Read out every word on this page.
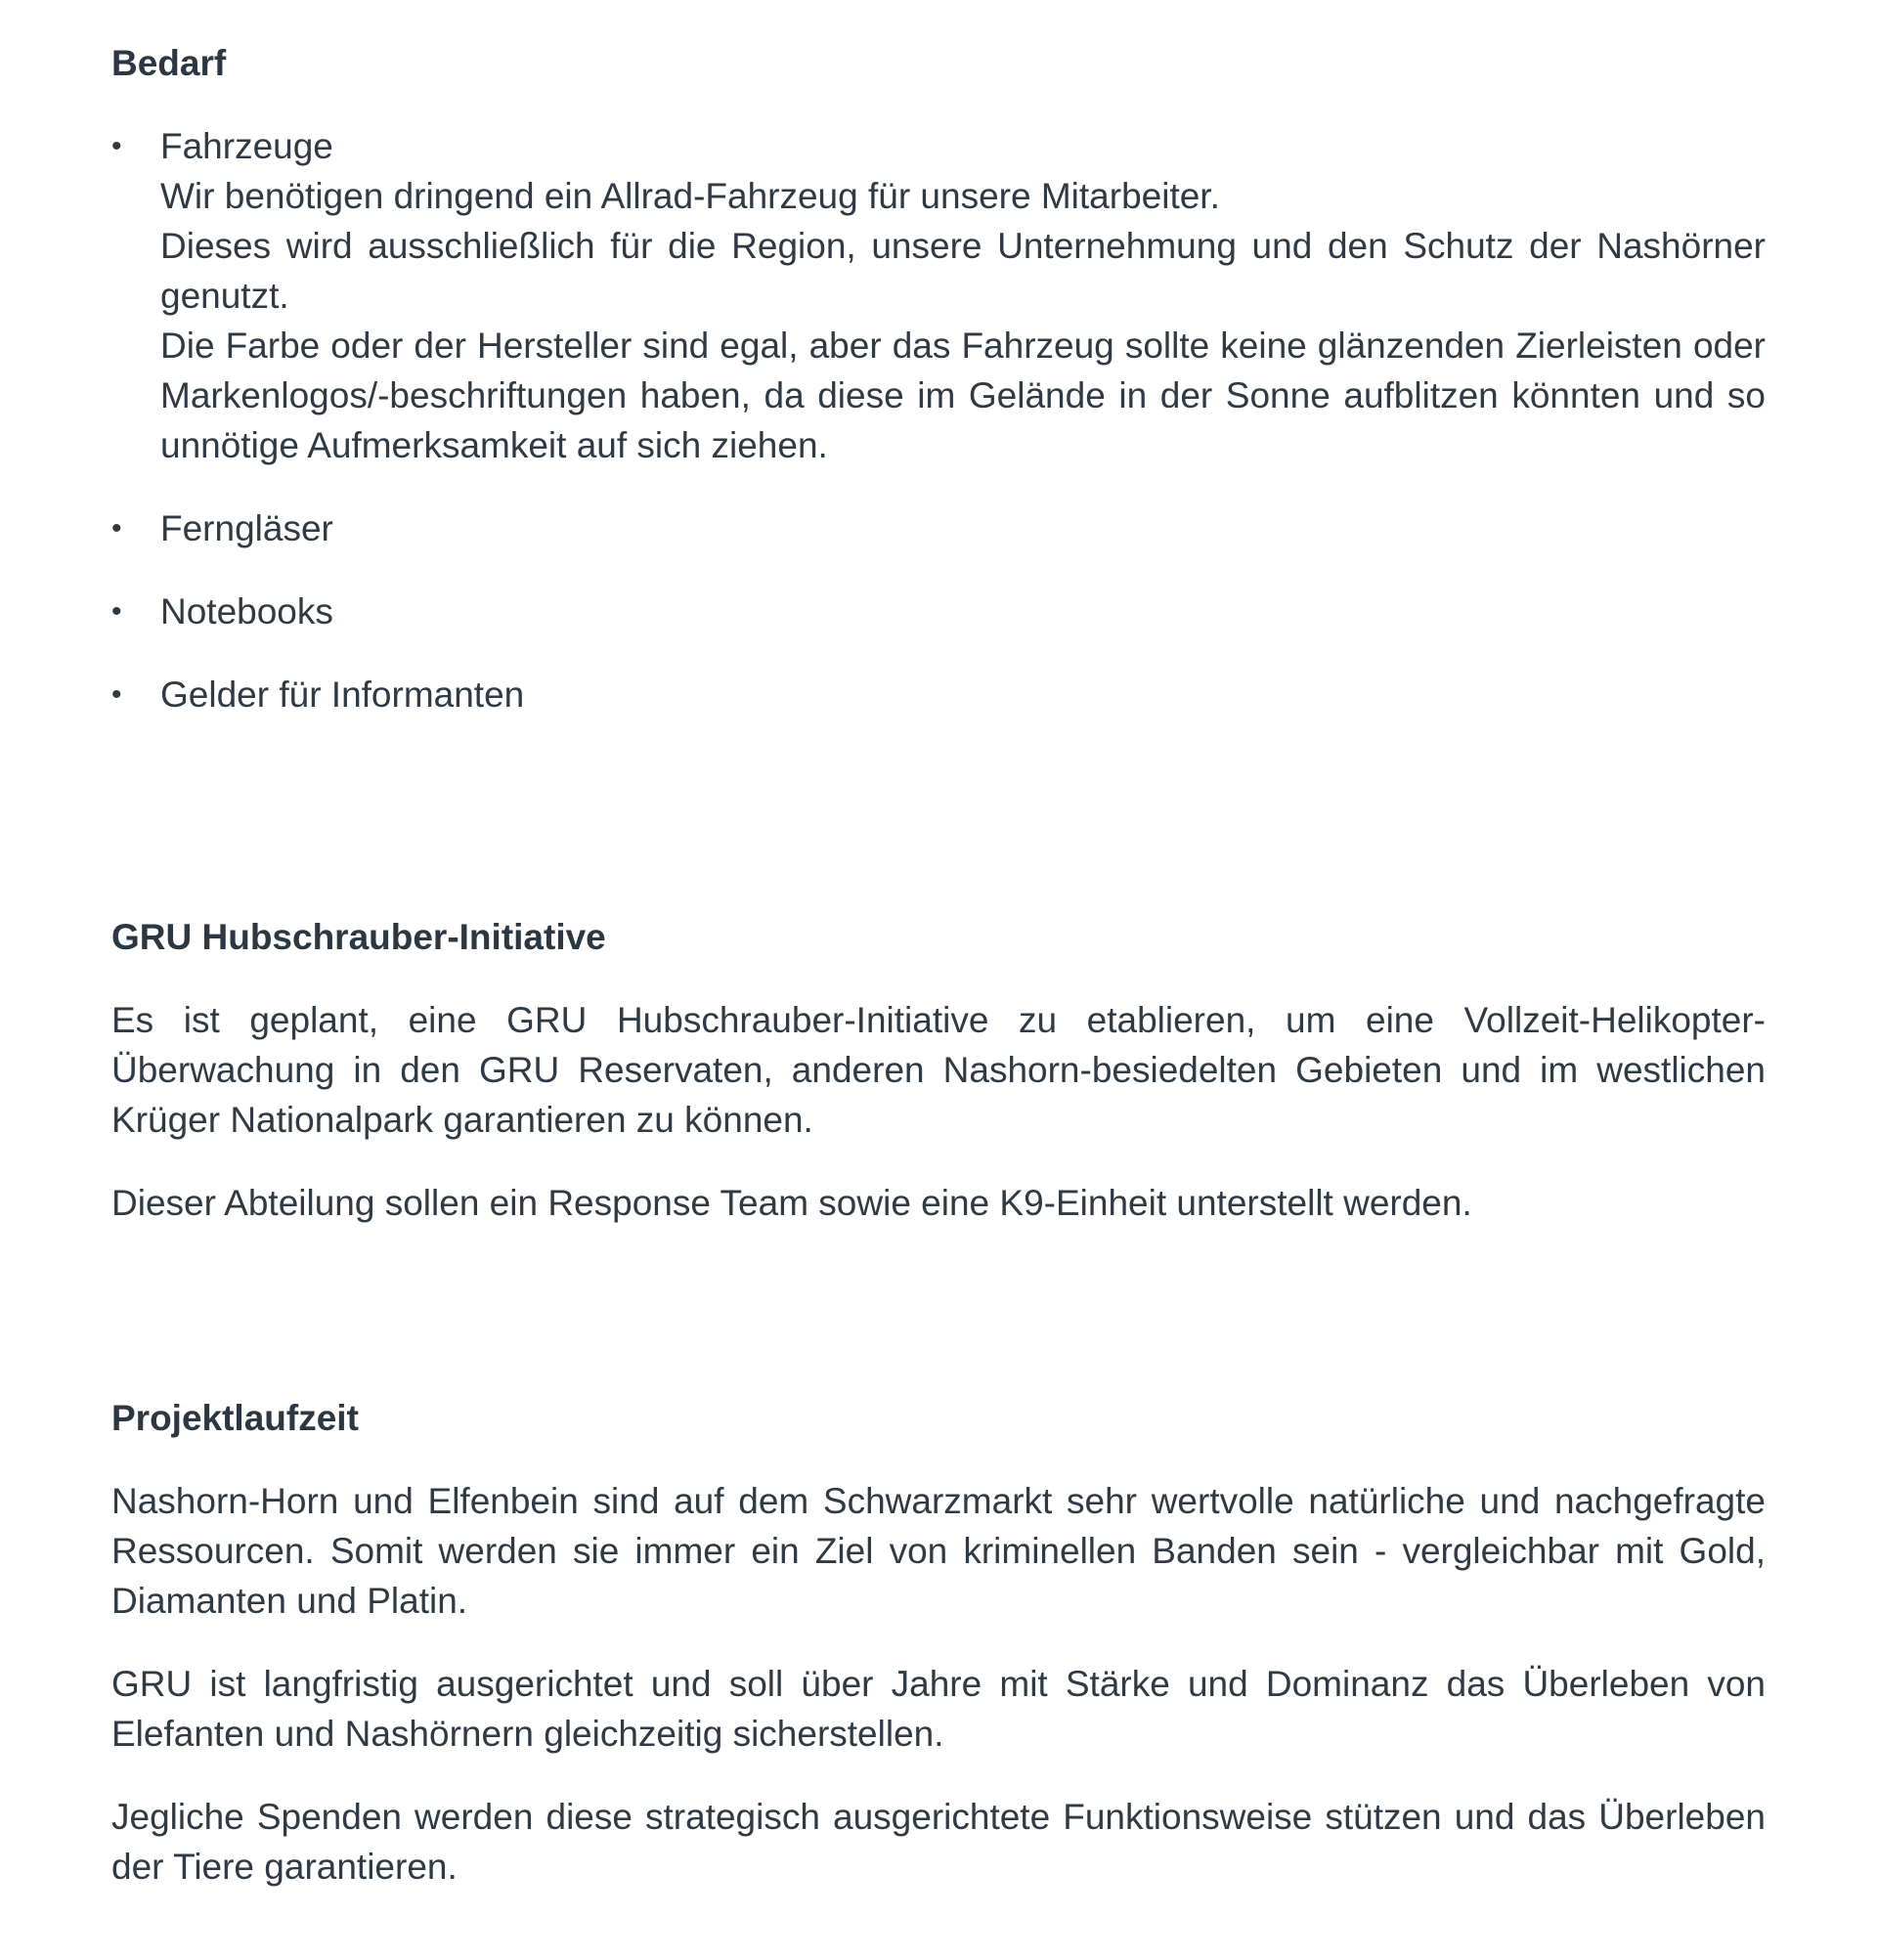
Bedarf
• Fahrzeuge
Wir benötigen dringend ein Allrad-Fahrzeug für unsere Mitarbeiter.
Dieses wird ausschließlich für die Region, unsere Unternehmung und den Schutz der Nashörner genutzt.
Die Farbe oder der Hersteller sind egal, aber das Fahrzeug sollte keine glänzenden Zierleisten oder Markenlogos/-beschriftungen haben, da diese im Gelände in der Sonne aufblitzen könnten und so unnötige Aufmerksamkeit auf sich ziehen.
• Ferngläser
• Notebooks
• Gelder für Informanten
GRU Hubschrauber-Initiative

Es ist geplant, eine GRU Hubschrauber-Initiative zu etablieren, um eine Vollzeit-Helikopter-Überwachung in den GRU Reservaten, anderen Nashorn-besiedelten Gebieten und im westlichen Krüger Nationalpark garantieren zu können.

Dieser Abteilung sollen ein Response Team sowie eine K9-Einheit unterstellt werden.

Projektlaufzeit

Nashorn-Horn und Elfenbein sind auf dem Schwarzmarkt sehr wertvolle natürliche und nachgefragte Ressourcen. Somit werden sie immer ein Ziel von kriminellen Banden sein - vergleichbar mit Gold, Diamanten und Platin.

GRU ist langfristig ausgerichtet und soll über Jahre mit Stärke und Dominanz das Überleben von Elefanten und Nashörnern gleichzeitig sicherstellen.

Jegliche Spenden werden diese strategisch ausgerichtete Funktionsweise stützen und das Überleben der Tiere garantieren.
